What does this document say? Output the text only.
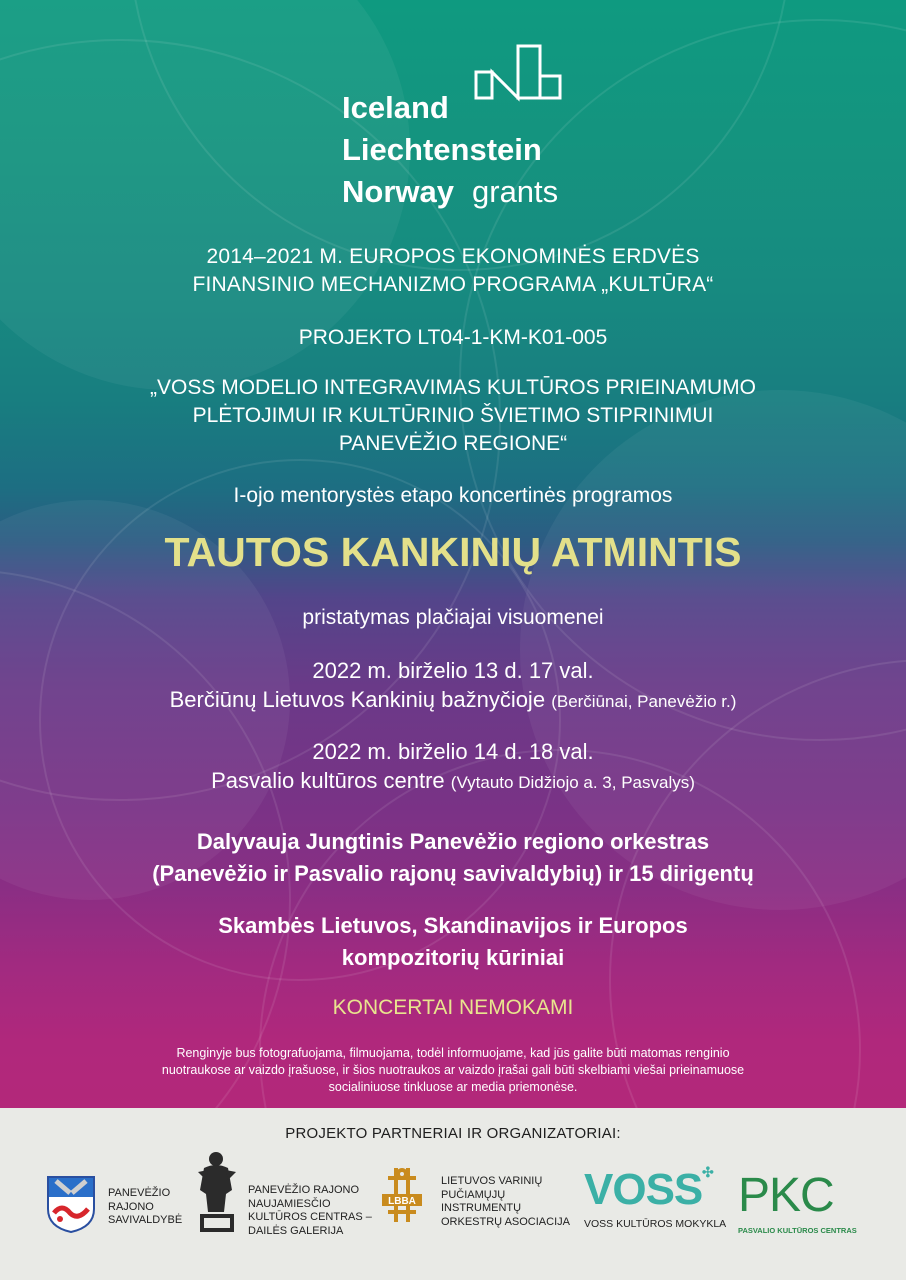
Iceland
Liechtenstein
Norway grants
2014–2021 M. EUROPOS EKONOMINĖS ERDVĖS
FINANSINIO MECHANIZMO PROGRAMA „KULTŪRA“
PROJEKTO LT04-1-KM-K01-005
„VOSS MODELIO INTEGRAVIMAS KULTŪROS PRIEINAMUMO
PLĖTOJIMUI IR KULTŪRINIO ŠVIETIMO STIPRINIMUI
PANEVĖŽIO REGIONE“
I-ojo mentorystės etapo koncertinės programos
TAUTOS KANKINIŲ ATMINTIS
pristatymas plačiajai visuomenei
2022 m. birželio 13 d. 17 val.
Berčiūnų Lietuvos Kankinių bažnyčioje (Berčiūnai, Panevėžio r.)
2022 m. birželio 14 d. 18 val.
Pasvalio kultūros centre (Vytauto Didžiojo a. 3, Pasvalys)
Dalyvauja Jungtinis Panevėžio regiono orkestras
(Panevėžio ir Pasvalio rajonų savivaldybių) ir 15 dirigentų
Skambės Lietuvos, Skandinavijos ir Europos
kompozitorių kūriniai
KONCERTAI NEMOKAMI
Renginyje bus fotografuojama, filmuojama, todėl informuojame, kad jūs galite būti matomas renginio
nuotraukose ar vaizdo įrašuose, ir šios nuotraukos ar vaizdo įrašai gali būti skelbiami viešai prieinamuose
socialiniuose tinkluose ar media priemonėse.
PROJEKTO PARTNERIAI IR ORGANIZATORIAI:
PANEVĖŽIO
RAJONO
SAVIVALDYBĖ
PANEVĖŽIO RAJONO
NAUJAMIESČIO
KULTŪROS CENTRAS –
DAILĖS GALERIJA
LBBA
LIETUVOS VARINIŲ
PUČIAMŲJŲ
INSTRUMENTŲ
ORKESTRŲ ASOCIACIJA
VOSS
VOSS KULTŪROS MOKYKLA
✣ PKC
PASVALIO KULTŪROS CENTRAS
